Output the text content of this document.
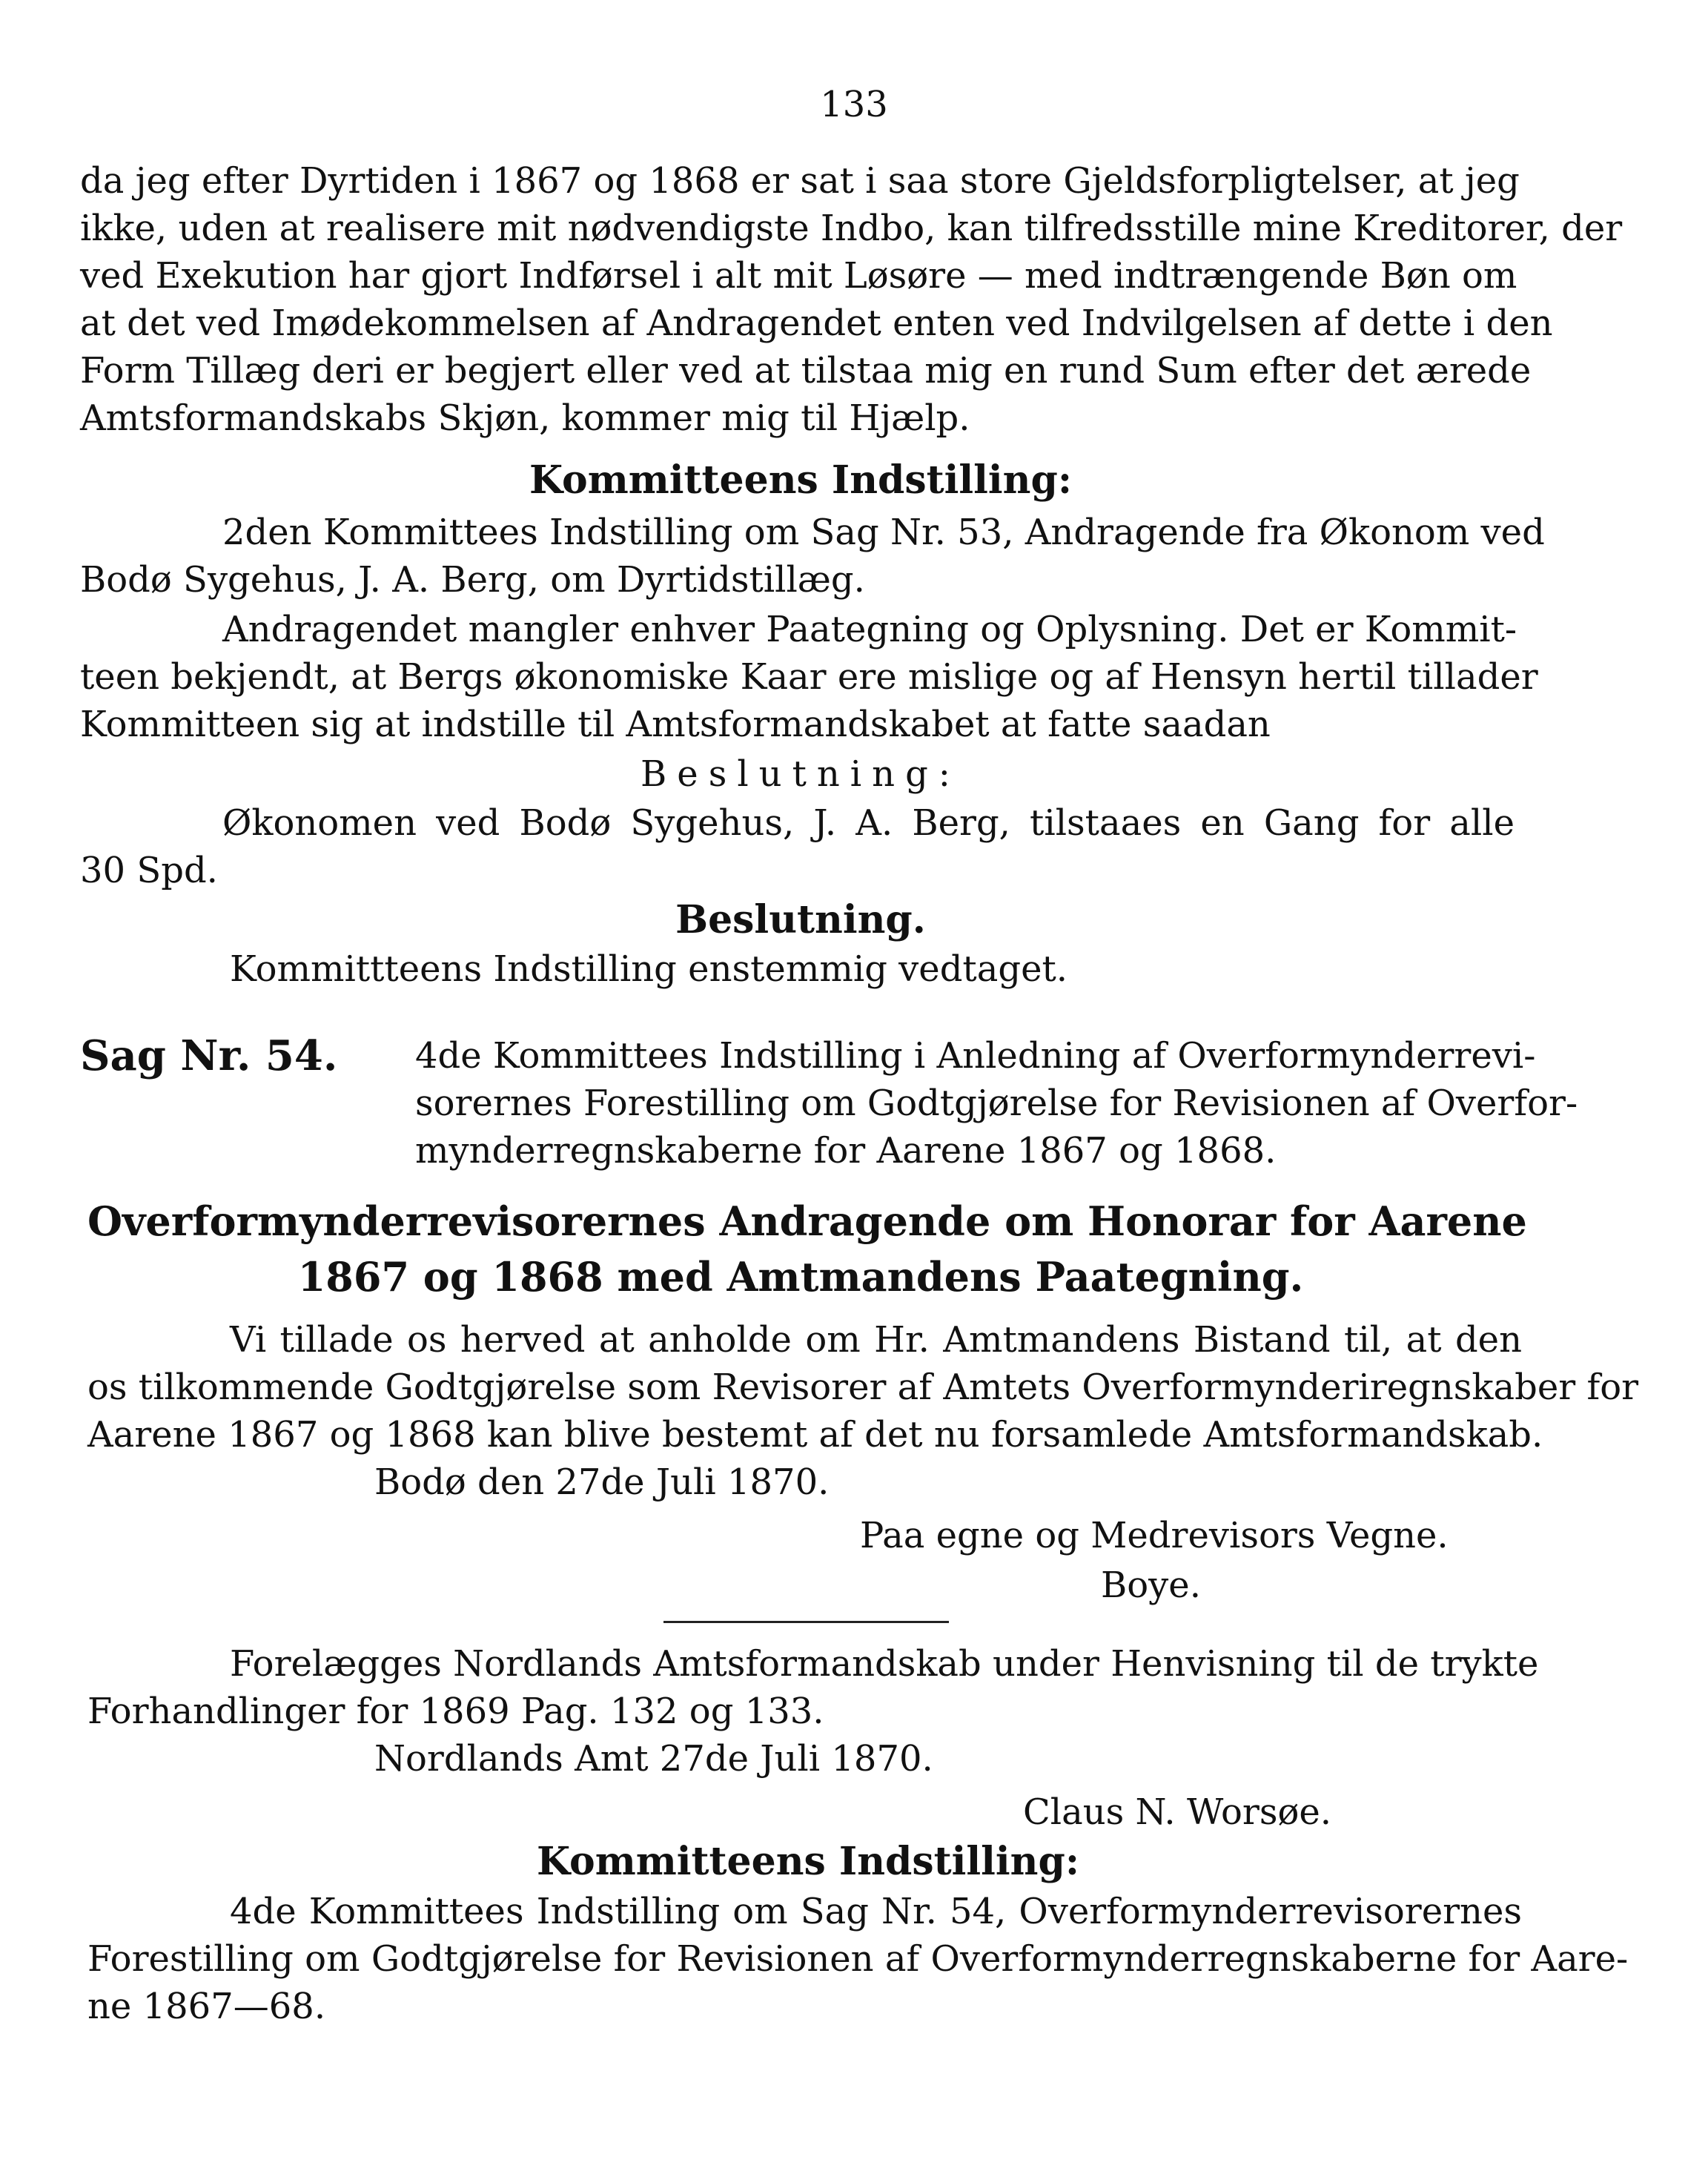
133
da jeg efter Dyrtiden i 1867 og 1868 er sat i saa store Gjeldsforpligtelser, at jeg
ikke, uden at realisere mit nødvendigste Indbo, kan tilfredsstille mine Kreditorer, der
ved Exekution har gjort Indførsel i alt mit Løsøre — med indtrængende Bøn om
at det ved Imødekommelsen af Andragendet enten ved Indvilgelsen af dette i den
Form Tillæg deri er begjert eller ved at tilstaa mig en rund Sum efter det ærede
Amtsformandskabs Skjøn, kommer mig til Hjælp.
Kommitteens Indstilling:
2den Kommittees Indstilling om Sag Nr. 53, Andragende fra Økonom ved
Bodø Sygehus, J. A. Berg, om Dyrtidstillæg.
Andragendet mangler enhver Paategning og Oplysning. Det er Kommit-
teen bekjendt, at Bergs økonomiske Kaar ere mislige og af Hensyn hertil tillader
Kommitteen sig at indstille til Amtsformandskabet at fatte saadan
Beslutning:
Økonomen ved Bodø Sygehus, J. A. Berg, tilstaaes en Gang for alle
30 Spd.
Beslutning.
Kommittteens Indstilling enstemmig vedtaget.
Sag Nr. 54. 4de Kommittees Indstilling i Anledning af Overformynderrevi-
sorernes Forestilling om Godtgjørelse for Revisionen af Overfor-
mynderregnskaberne for Aarene 1867 og 1868.
Overformynderrevisorernes Andragende om Honorar for Aarene
1867 og 1868 med Amtmandens Paategning.
Vi tillade os herved at anholde om Hr. Amtmandens Bistand til, at den
os tilkommende Godtgjørelse som Revisorer af Amtets Overformynderiregnskaber for
Aarene 1867 og 1868 kan blive bestemt af det nu forsamlede Amtsformandskab.
Bodø den 27de Juli 1870.
Paa egne og Medrevisors Vegne.
Boye.
Forelægges Nordlands Amtsformandskab under Henvisning til de trykte
Forhandlinger for 1869 Pag. 132 og 133.
Nordlands Amt 27de Juli 1870.
Claus N. Worsøe.
Kommitteens Indstilling:
4de Kommittees Indstilling om Sag Nr. 54, Overformynderrevisorernes
Forestilling om Godtgjørelse for Revisionen af Overformynderregnskaberne for Aare-
ne 1867—68.
